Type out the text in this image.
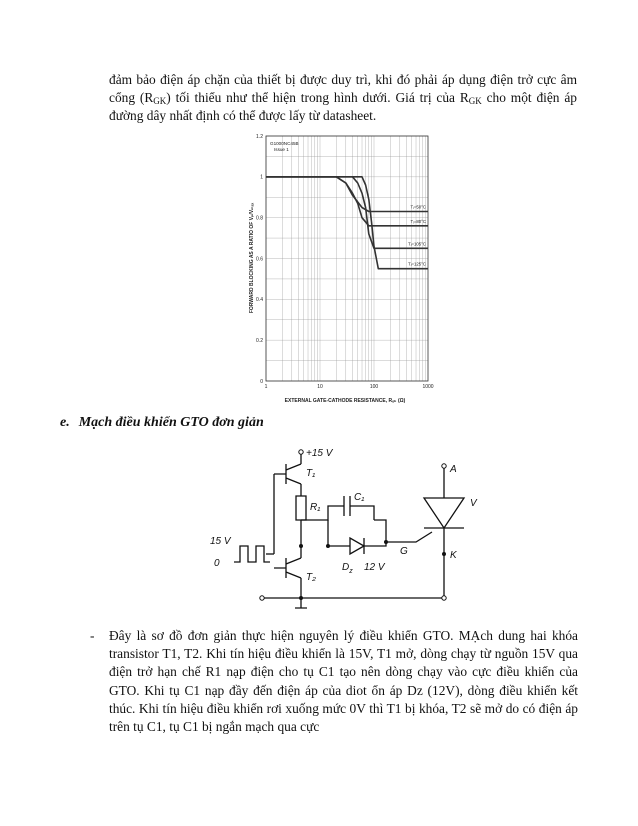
đảm bảo điện áp chặn của thiết bị được duy trì, khi đó phải áp dụng điện trở cực âm cổng $(R_{GK})$ tối thiểu như thể hiện trong hình dưới. Giá trị của $R_{GK}$ cho một điện áp đường dây nhất định có thể được lấy từ datasheet.

0
0.2
0.4
0.6
0.8
1
1.2
1	10	100	1000
Tⱼ=50°C
Tⱼ=80°C
Tⱼ=105°C
Tⱼ=125°C
G1000NC45B
Issue 1
FORWARD BLOCKING AS A RATIO OF Vₚ/Vₘₐₓ
EXTERNAL GATE-CATHODE RESISTANCE, Rₒₖ (Ω)

e. Mạch điều khiển GTO đơn giản

+15 V
T₁
R₁
C₁
15 V
0
T₂
$D_z$ 12 V
G
A
K
V
- Đây là sơ đồ đơn giản thực hiện nguyên lý điều khiển GTO. MẠch dung hai khóa transistor T1, T2. Khi tín hiệu điều khiển là 15V, T1 mở, dòng chạy từ nguồn 15V qua điện trở hạn chế R1 nạp điện cho tụ C1 tạo nên dòng chạy vào cực điều khiển của GTO. Khi tụ C1 nạp đầy đến điện áp của diot ổn áp Dz (12V), dòng điều khiển kết thúc. Khi tín hiệu điều khiển rơi xuống mức 0V thì T1 bị khóa, T2 sẽ mở do có điện áp trên tụ C1, tụ C1 bị ngắn mạch qua cực
